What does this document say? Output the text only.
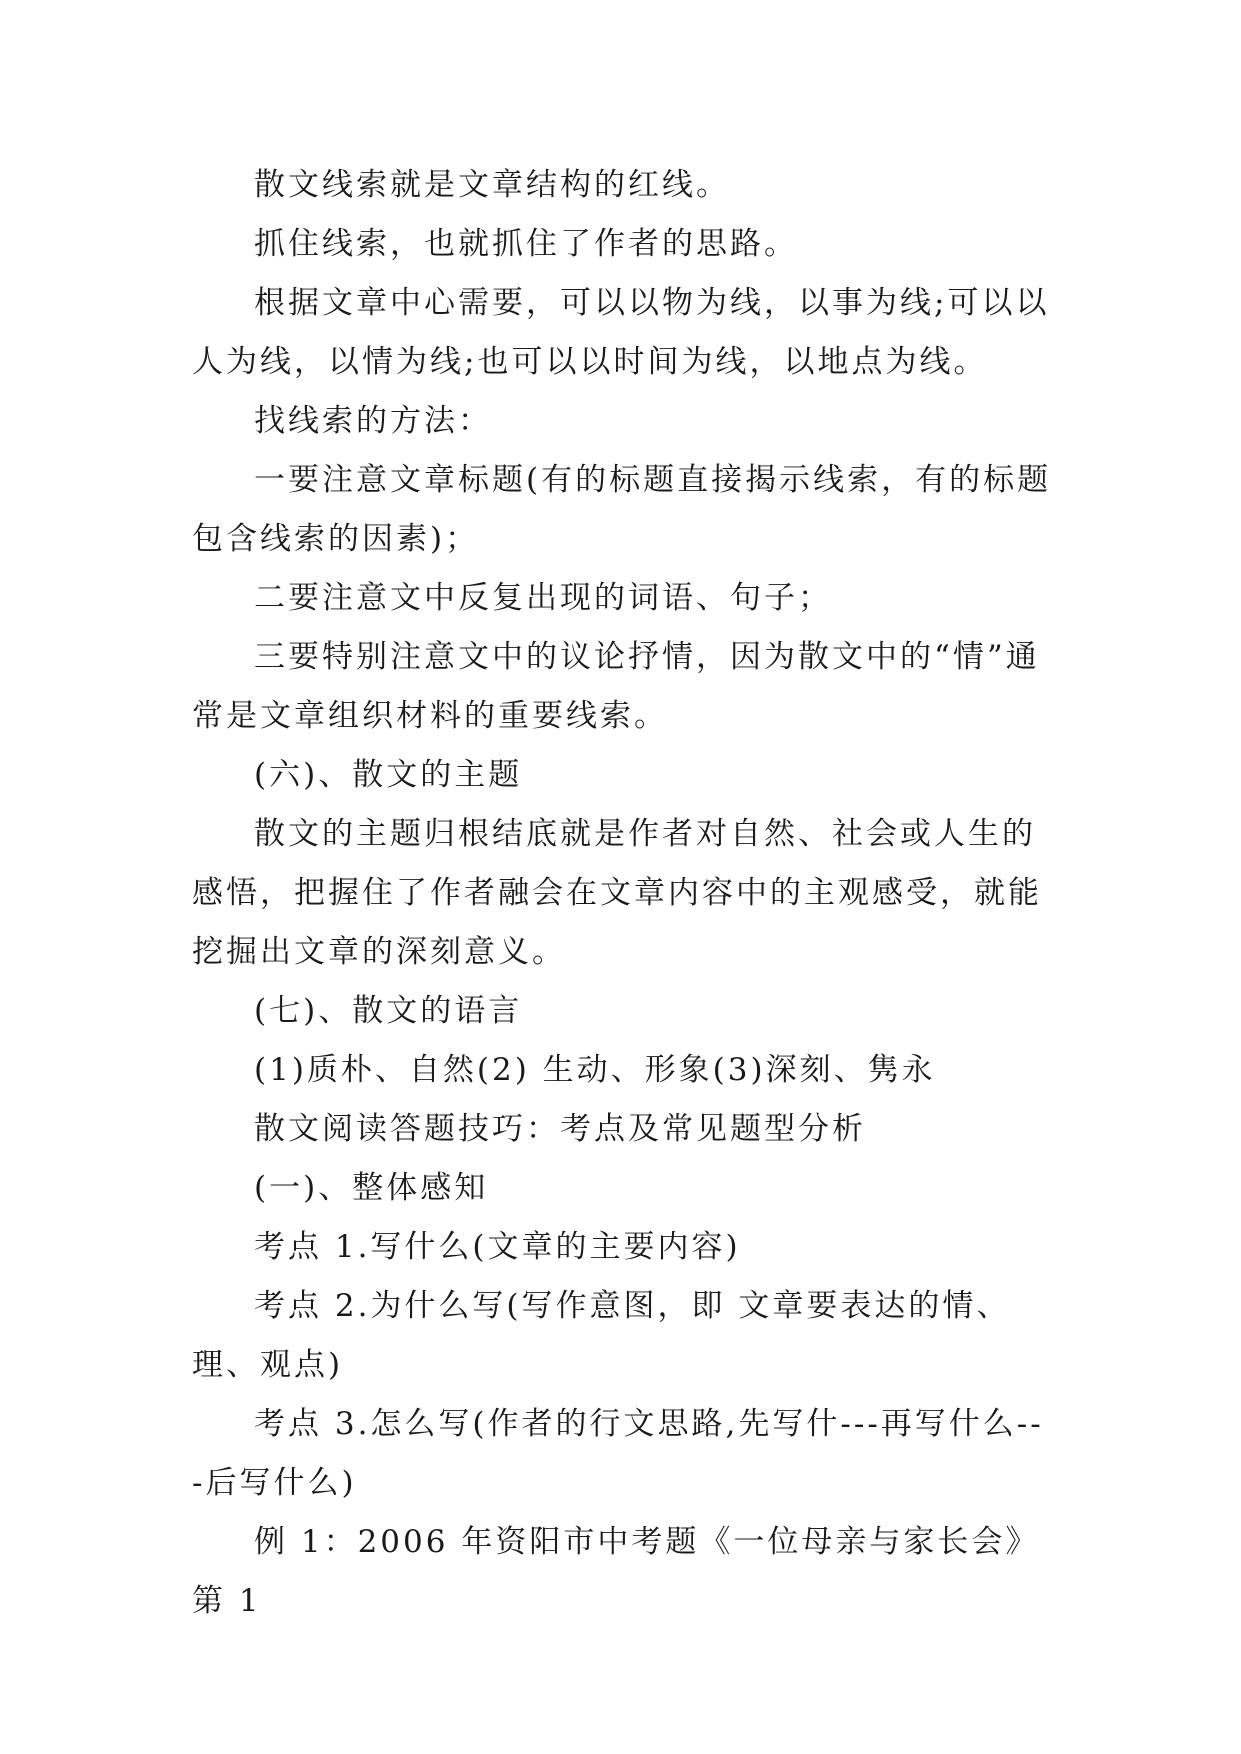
散文线索就是文章结构的红线。

抓住线索，也就抓住了作者的思路。

根据文章中心需要，可以以物为线，以事为线;可以以人为线，以情为线;也可以以时间为线，以地点为线。

找线索的方法：

一要注意文章标题(有的标题直接揭示线索，有的标题包含线索的因素)；

二要注意文中反复出现的词语、句子；

三要特别注意文中的议论抒情，因为散文中的“情”通常是文章组织材料的重要线索。

(六)、散文的主题

散文的主题归根结底就是作者对自然、社会或人生的感悟，把握住了作者融会在文章内容中的主观感受，就能挖掘出文章的深刻意义。

(七)、散文的语言

(1)质朴、自然(2) 生动、形象(3)深刻、隽永

散文阅读答题技巧：考点及常见题型分析

(一)、整体感知

考点 1.写什么(文章的主要内容)

考点 2.为什么写(写作意图，即 文章要表达的情、理、观点)

考点 3.怎么写(作者的行文思路,先写什---再写什么---后写什么)

例 1：2006 年资阳市中考题《一位母亲与家长会》第 1
